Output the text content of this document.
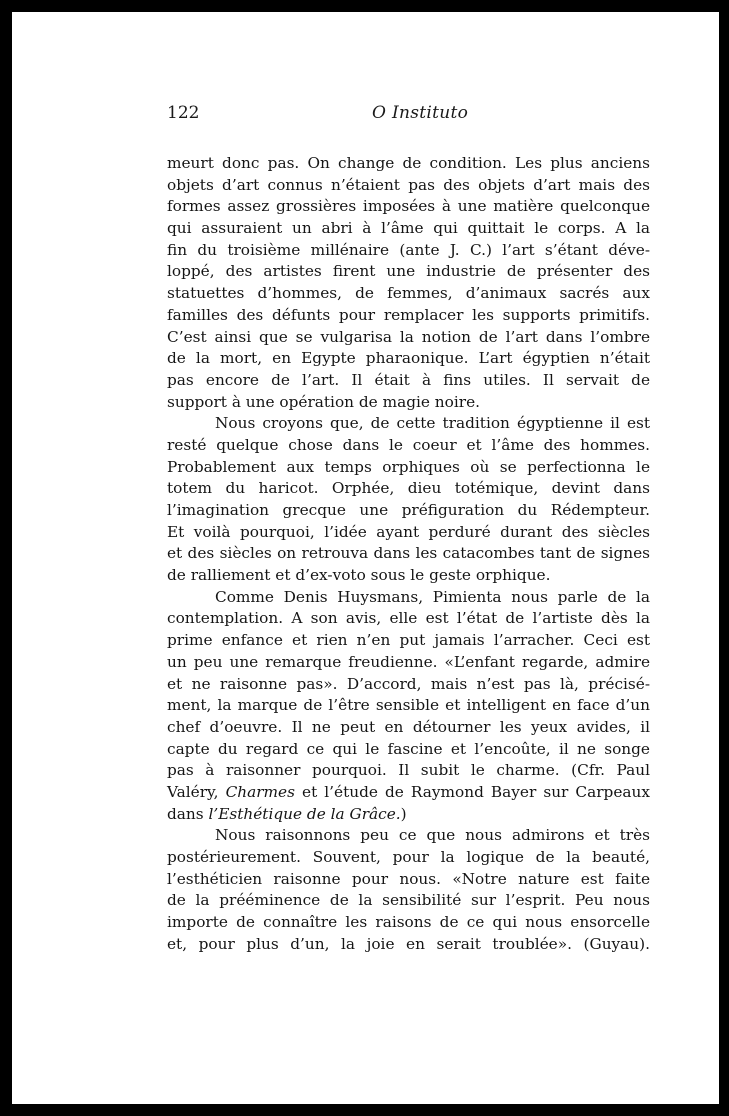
122	O Instituto
meurt donc pas. On change de condition. Les plus anciens
objets d’art connus n’étaient pas des objets d’art mais des
formes assez grossières imposées à une matière quelconque
qui assuraient un abri à l’âme qui quittait le corps. A la
fin du troisième millénaire (ante J. C.) l’art s’étant déve-
loppé, des artistes firent une industrie de présenter des
statuettes d’hommes, de femmes, d’animaux sacrés aux
familles des défunts pour remplacer les supports primitifs.
C’est ainsi que se vulgarisa la notion de l’art dans l’ombre
de la mort, en Egypte pharaonique. L’art égyptien n’était
pas encore de l’art. Il était à fins utiles. Il servait de
support à une opération de magie noire.
Nous croyons que, de cette tradition égyptienne il est
resté quelque chose dans le coeur et l’âme des hommes.
Probablement aux temps orphiques où se perfectionna le
totem du haricot. Orphée, dieu totémique, devint dans
l’imagination grecque une préfiguration du Rédempteur.
Et voilà pourquoi, l’idée ayant perduré durant des siècles
et des siècles on retrouva dans les catacombes tant de signes
de ralliement et d’ex-voto sous le geste orphique.
Comme Denis Huysmans, Pimienta nous parle de la
contemplation. A son avis, elle est l’état de l’artiste dès la
prime enfance et rien n’en put jamais l’arracher. Ceci est
un peu une remarque freudienne. «L’enfant regarde, admire
et ne raisonne pas». D’accord, mais n’est pas là, précisé-
ment, la marque de l’être sensible et intelligent en face d’un
chef d’oeuvre. Il ne peut en détourner les yeux avides, il
capte du regard ce qui le fascine et l’encoûte, il ne songe
pas à raisonner pourquoi. Il subit le charme. (Cfr. Paul
Valéry, Charmes et l’étude de Raymond Bayer sur Carpeaux
dans l’Esthétique de la Grâce.)
Nous raisonnons peu ce que nous admirons et très
postérieurement. Souvent, pour la logique de la beauté,
l’esthéticien raisonne pour nous. «Notre nature est faite
de la prééminence de la sensibilité sur l’esprit. Peu nous
importe de connaître les raisons de ce qui nous ensorcelle
et, pour plus d’un, la joie en serait troublée». (Guyau).
